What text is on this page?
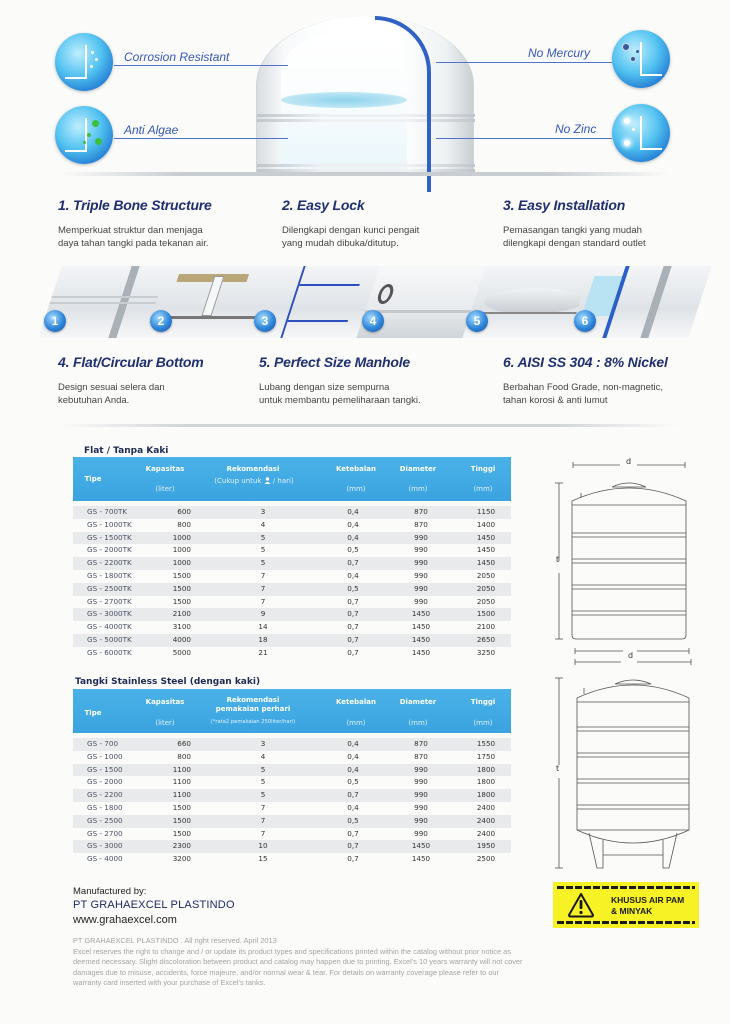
Corrosion Resistant
Anti Algae
No Mercury
No Zinc
1. Triple Bone Structure
Memperkuat struktur dan menjaga
daya tahan tangki pada tekanan air.
2. Easy Lock
Dilengkapi dengan kunci pengait
yang mudah dibuka/ditutup.
3. Easy Installation
Pemasangan tangki yang mudah
dilengkapi dengan standard outlet
1	2	3	4	5	6
4. Flat/Circular Bottom
Design sesuai selera dan
kebutuhan Anda.
5. Perfect Size Manhole
Lubang dengan size sempurna
untuk membantu pemeliharaan tangki.
6. AISI SS 304 : 8% Nickel
Berbahan Food Grade, non-magnetic,
tahan korosi & anti lumut
Flat / Tanpa Kaki
Tipe
Kapasitas
(liter)
Rekomendasi
(Cukup untuk / hari)
Ketebalan
(mm)
Diameter
(mm)
Tinggi
(mm)
GS - 700TK	600	3	0,4	870	1150
GS - 1000TK	800	4	0,4	870	1400
GS - 1500TK	1000	5	0,4	990	1450
GS - 2000TK	1000	5	0,5	990	1450
GS - 2200TK	1000	5	0,7	990	1450
GS - 1800TK	1500	7	0,4	990	2050
GS - 2500TK	1500	7	0,5	990	2050
GS - 2700TK	1500	7	0,7	990	2050
GS - 3000TK	2100	9	0,7	1450	1500
GS - 4000TK	3100	14	0,7	1450	2100
GS - 5000TK	4000	18	0,7	1450	2650
GS - 6000TK	5000	21	0,7	1450	3250
Tangki Stainless Steel (dengan kaki)
Tipe
Kapasitas
(liter)
Rekomendasi
pemakaian perhari
(*rata2 pemakaian 250liter/hari)
Ketebalan
(mm)
Diameter
(mm)
Tinggi
(mm)
GS - 700	660	3	0,4	870	1550
GS - 1000	800	4	0,4	870	1750
GS - 1500	1100	5	0,4	990	1800
GS - 2000	1100	5	0,5	990	1800
GS - 2200	1100	5	0,7	990	1800
GS - 1800	1500	7	0,4	990	2400
GS - 2500	1500	7	0,5	990	2400
GS - 2700	1500	7	0,7	990	2400
GS - 3000	2300	10	0,7	1450	1950
GS - 4000	3200	15	0,7	1450	2500
d
t
d
t
Manufactured by:
PT GRAHAEXCEL PLASTINDO
www.grahaexcel.com
PT GRAHAEXCEL PLASTINDO . All right reserved. April 2013
Excel reserves the right to change and / or update its product types and specifications printed within the catalog without prior notice as deemed necessary. Slight discoloration between product and catalog may happen due to printing. Excel's 10 years warranty will not cover damages due to misuse, accidents, force majeure, and/or normal wear & tear. For details on warranty coverage please refer to our warranty card inserted with your purchase of Excel's tanks.
KHUSUS AIR PAM
& MINYAK
